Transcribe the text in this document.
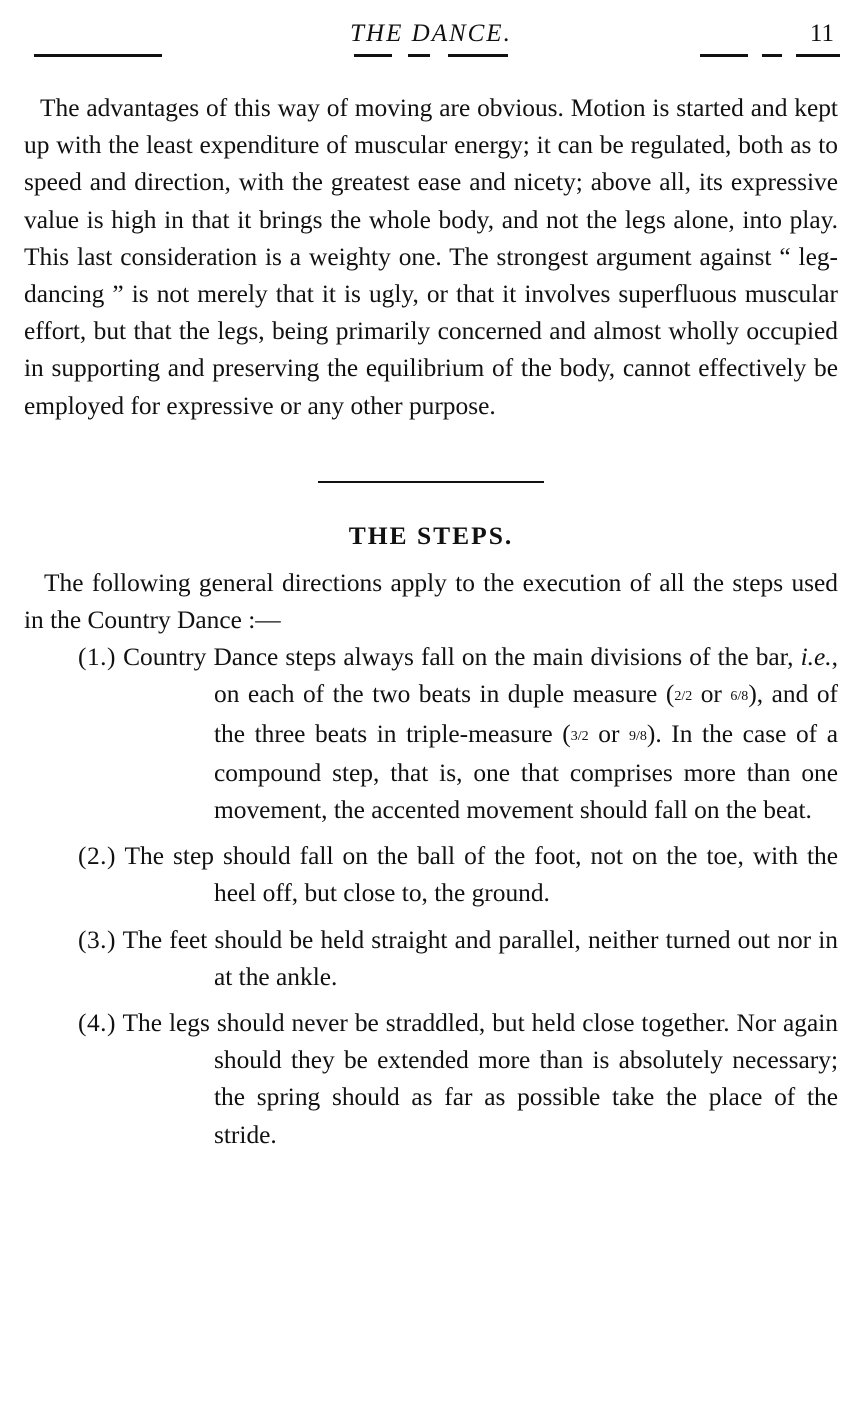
THE DANCE.	11

The advantages of this way of moving are obvious. Motion is started and kept up with the least expenditure of muscular energy; it can be regulated, both as to speed and direction, with the greatest ease and nicety; above all, its expressive value is high in that it brings the whole body, and not the legs alone, into play. This last consideration is a weighty one. The strongest argument against “ leg-dancing ” is not merely that it is ugly, or that it involves superfluous muscular effort, but that the legs, being primarily concerned and almost wholly occupied in supporting and preserving the equilibrium of the body, cannot effectively be employed for expressive or any other purpose.

THE STEPS.

The following general directions apply to the execution of all the steps used in the Country Dance :—

(1.) Country Dance steps always fall on the main divisions of the bar, i.e., on each of the two beats in duple measure (2/2 or 6/8), and of the three beats in triple-measure (3/2 or 9/8). In the case of a compound step, that is, one that comprises more than one movement, the accented movement should fall on the beat.
(2.) The step should fall on the ball of the foot, not on the toe, with the heel off, but close to, the ground.
(3.) The feet should be held straight and parallel, neither turned out nor in at the ankle.
(4.) The legs should never be straddled, but held close together. Nor again should they be extended more than is absolutely necessary; the spring should as far as possible take the place of the stride.
